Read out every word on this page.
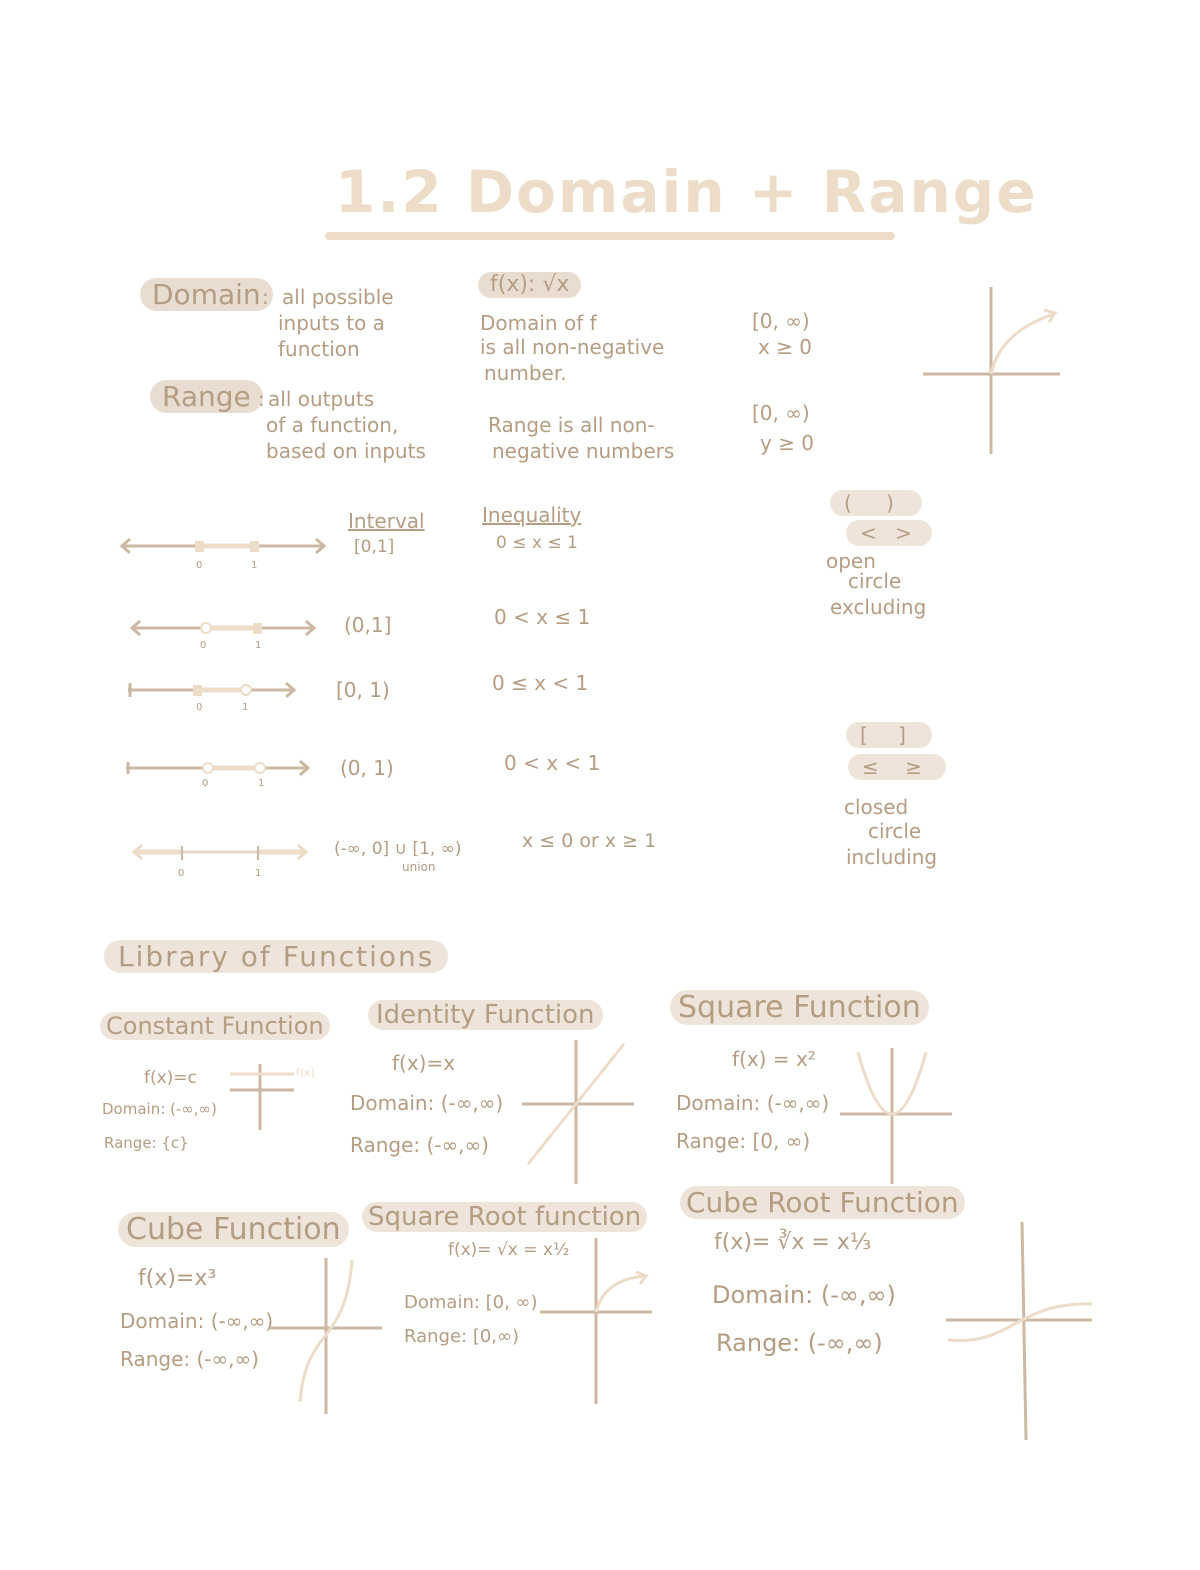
1.2 Domain + Range
Domain : all possible
inputs to a
function
Range : all outputs
of a function,
based on inputs
f(x): √x
Domain of f
is all non-negative
number.
[0, ∞)
x ≥ 0
Range is all non-
negative numbers
[0, ∞)
y ≥ 0
Interval	Inequality
0	1
0	1
0	1
0	1
0	1
[0,1]	0 ≤ x ≤ 1
(0,1]	0 < x ≤ 1
[0, 1)	0 ≤ x < 1
(0, 1)	0 < x < 1
(-∞, 0] ∪ [1, ∞)	x ≤ 0 or x ≥ 1
union
( )
< >
open
circle
excluding
[ ]
≤ ≥
closed
circle
including
Library of Functions
Constant Function
f(x)=c
Domain: (-∞,∞)
Range: {c}
f(x)
Identity Function
f(x)=x
Domain: (-∞,∞)
Range: (-∞,∞)
Square Function
f(x) = x²
Domain: (-∞,∞)
Range: [0, ∞)
Cube Function
f(x)=x³
Domain: (-∞,∞)
Range: (-∞,∞)
Square Root function
f(x)= √x = x½
Domain: [0, ∞)
Range: [0,∞)
Cube Root Function
f(x)= ∛x = x⅓
Domain: (-∞,∞)
Range: (-∞,∞)
